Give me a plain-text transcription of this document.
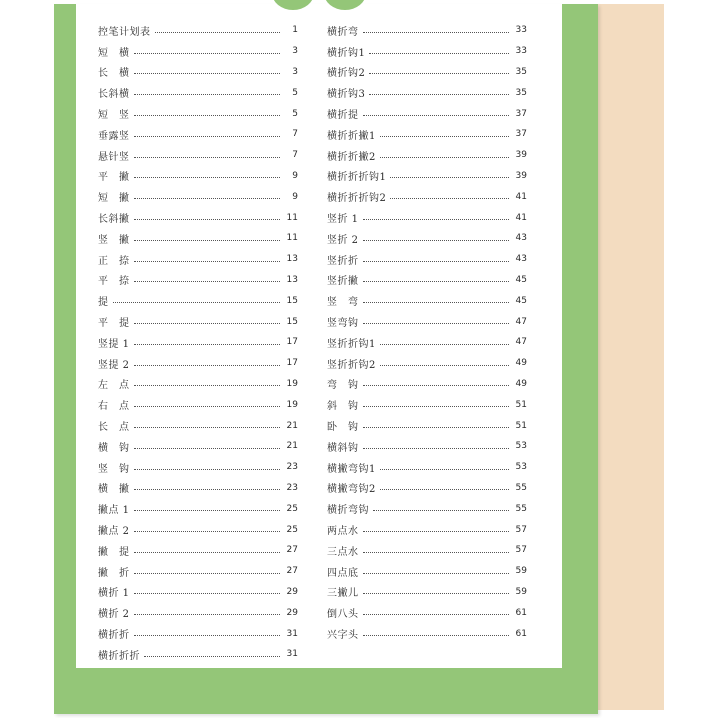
控笔计划表	1
短　横	3
长　横	3
长斜横	5
短　竖	5
垂露竖	7
悬针竖	7
平　撇	9
短　撇	9
长斜撇	11
竖　撇	11
正　捺	13
平　捺	13
提	15
平　提	15
竖提 1	17
竖提 2	17
左　点	19
右　点	19
长　点	21
横　钩	21
竖　钩	23
横　撇	23
撇点 1	25
撇点 2	25
撇　提	27
撇　折	27
横折 1	29
横折 2	29
横折折	31
横折折折	31
横折弯	33
横折钩1	33
横折钩2	35
横折钩3	35
横折提	37
横折折撇1	37
横折折撇2	39
横折折折钩1	39
横折折折钩2	41
竖折 1	41
竖折 2	43
竖折折	43
竖折撇	45
竖　弯	45
竖弯钩	47
竖折折钩1	47
竖折折钩2	49
弯　钩	49
斜　钩	51
卧　钩	51
横斜钩	53
横撇弯钩1	53
横撇弯钩2	55
横折弯钩	55
两点水	57
三点水	57
四点底	59
三撇儿	59
倒八头	61
兴字头	61
